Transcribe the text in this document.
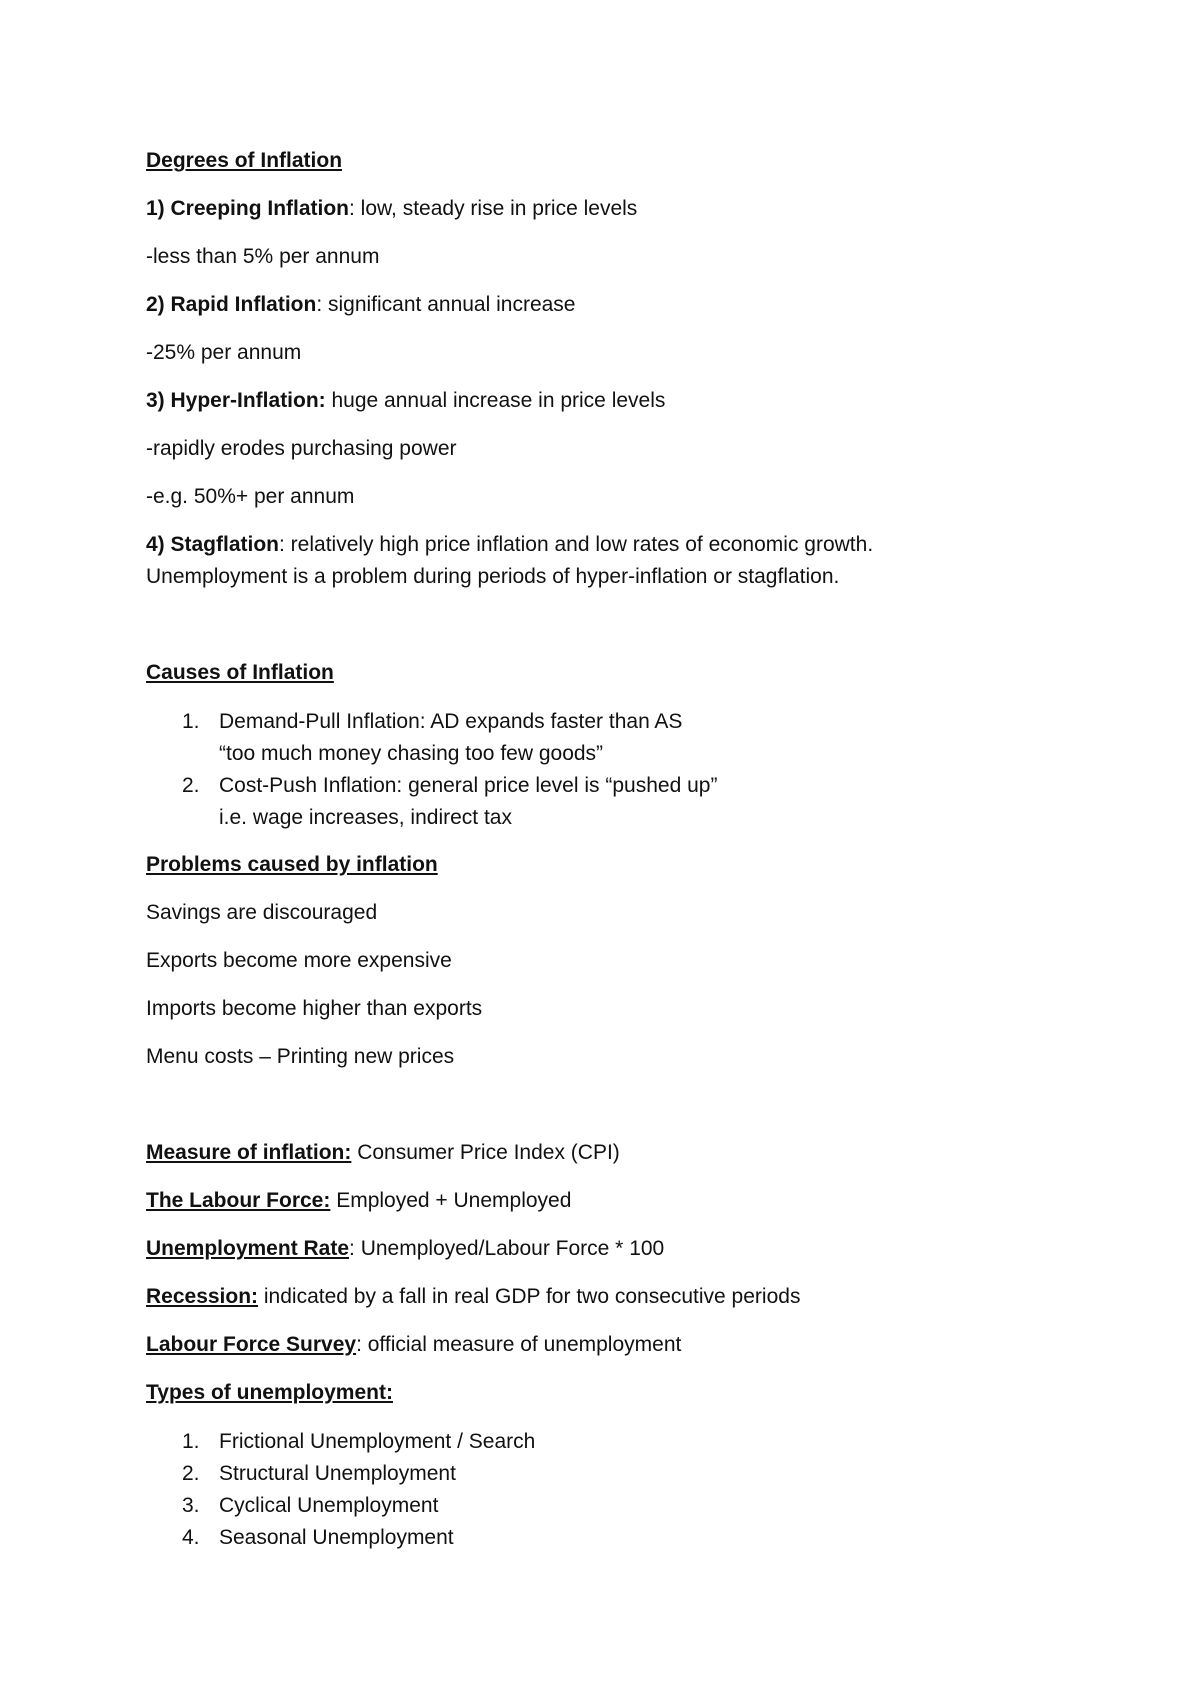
Degrees of Inflation

1) Creeping Inflation: low, steady rise in price levels

-less than 5% per annum

2) Rapid Inflation: significant annual increase

-25% per annum

3) Hyper-Inflation: huge annual increase in price levels

-rapidly erodes purchasing power

-e.g. 50%+ per annum

4) Stagflation: relatively high price inflation and low rates of economic growth.

Unemployment is a problem during periods of hyper-inflation or stagflation.

Causes of Inflation

1. Demand-Pull Inflation: AD expands faster than AS
“too much money chasing too few goods”
2. Cost-Push Inflation: general price level is “pushed up”
i.e. wage increases, indirect tax

Problems caused by inflation

Savings are discouraged

Exports become more expensive

Imports become higher than exports

Menu costs – Printing new prices

Measure of inflation: Consumer Price Index (CPI)

The Labour Force: Employed + Unemployed

Unemployment Rate: Unemployed/Labour Force * 100

Recession: indicated by a fall in real GDP for two consecutive periods

Labour Force Survey: official measure of unemployment

Types of unemployment:

1. Frictional Unemployment / Search
2. Structural Unemployment
3. Cyclical Unemployment
4. Seasonal Unemployment
